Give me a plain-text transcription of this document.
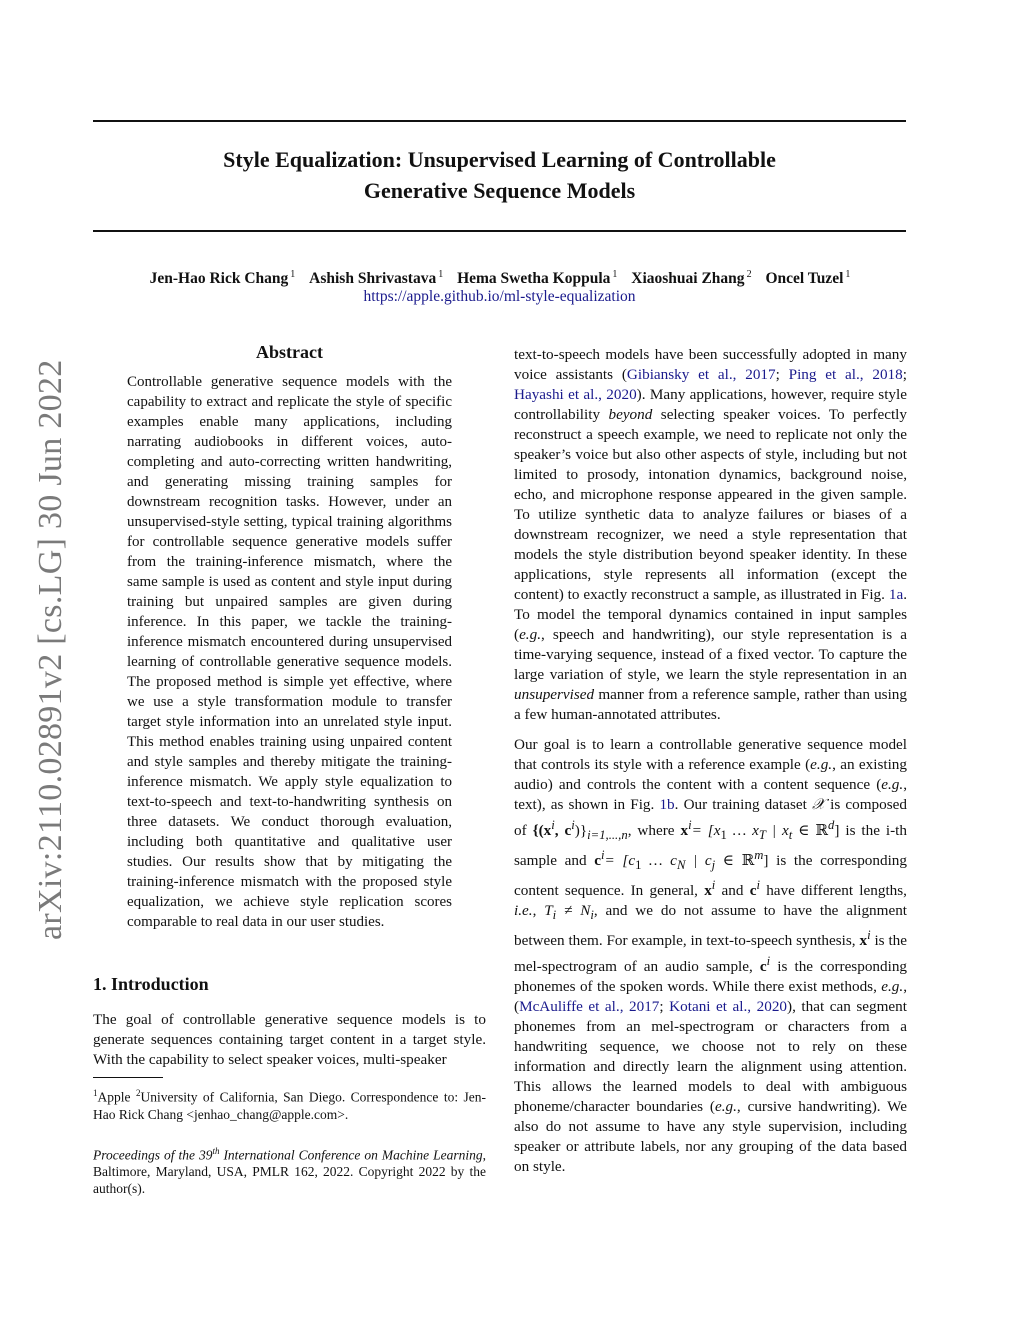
Style Equalization: Unsupervised Learning of Controllable
Generative Sequence Models
Jen-Hao Rick Chang $^1$ Ashish Shrivastava $^1$ Hema Swetha Koppula $^1$ Xiaoshuai Zhang $^2$ Oncel Tuzel $^1$
https://apple.github.io/ml-style-equalization
arXiv:2110.02891v2 [cs.LG] 30 Jun 2022
Abstract

Controllable generative sequence models with the capability to extract and replicate the style of specific examples enable many applications, including narrating audiobooks in different voices, auto-completing and auto-correcting written handwriting, and generating missing training samples for downstream recognition tasks. However, under an unsupervised-style setting, typical training algorithms for controllable sequence generative models suffer from the training-inference mismatch, where the same sample is used as content and style input during training but unpaired samples are given during inference. In this paper, we tackle the training-inference mismatch encountered during unsupervised learning of controllable generative sequence models. The proposed method is simple yet effective, where we use a style transformation module to transfer target style information into an unrelated style input. This method enables training using unpaired content and style samples and thereby mitigate the training-inference mismatch. We apply style equalization to text-to-speech and text-to-handwriting synthesis on three datasets. We conduct thorough evaluation, including both quantitative and qualitative user studies. Our results show that by mitigating the training-inference mismatch with the proposed style equalization, we achieve style replication scores comparable to real data in our user studies.

1. Introduction

The goal of controllable generative sequence models is to generate sequences containing target content in a target style. With the capability to select speaker voices, multi-speaker

$^1$Apple $^2$University of California, San Diego. Correspondence to: Jen-Hao Rick Chang <jenhao_chang@apple.com>.

Proceedings of the 39th International Conference on Machine Learning, Baltimore, Maryland, USA, PMLR 162, 2022. Copyright 2022 by the author(s).

text-to-speech models have been successfully adopted in many voice assistants (Gibiansky et al., 2017; Ping et al., 2018; Hayashi et al., 2020). Many applications, however, require style controllability beyond selecting speaker voices. To perfectly reconstruct a speech example, we need to replicate not only the speaker’s voice but also other aspects of style, including but not limited to prosody, intonation dynamics, background noise, echo, and microphone response appeared in the given sample. To utilize synthetic data to analyze failures or biases of a downstream recognizer, we need a style representation that models the style distribution beyond speaker identity. In these applications, style represents all information (except the content) to exactly reconstruct a sample, as illustrated in Fig. 1a. To model the temporal dynamics contained in input samples (e.g., speech and handwriting), our style representation is a time-varying sequence, instead of a fixed vector. To capture the large variation of style, we learn the style representation in an unsupervised manner from a reference sample, rather than using a few human-annotated attributes.

Our goal is to learn a controllable generative sequence model that controls its style with a reference example (e.g., an existing audio) and controls the content with a content sequence (e.g., text), as shown in Fig. 1b. Our training dataset 𝒳 is composed of {($x^i$, $c^i)\}_{i=1,...,n}$, where $x^i= [x_1$ … $x_T$ | $x_t$ ∈ ℝ$^d$] is the i-th sample and $c^i= [c_1$ … $c_N$ | $c_j$ ∈ ℝ$^m$] is the corresponding content sequence. In general, $x^i$ and $c^i$ have different lengths, i.e., $T_i \ne N_i$, and we do not assume to have the alignment between them. For example, in text-to-speech synthesis, $x^i$ is the mel-spectrogram of an audio sample, $c^i$ is the corresponding phonemes of the spoken words. While there exist methods, e.g., (McAuliffe et al., 2017; Kotani et al., 2020), that can segment phonemes from an mel-spectrogram or characters from a handwriting sequence, we choose not to rely on these information and directly learn the alignment using attention. This allows the learned models to deal with ambiguous phoneme/character boundaries (e.g., cursive handwriting). We also do not assume to have any style supervision, including speaker or attribute labels, nor any grouping of the data based on style.
